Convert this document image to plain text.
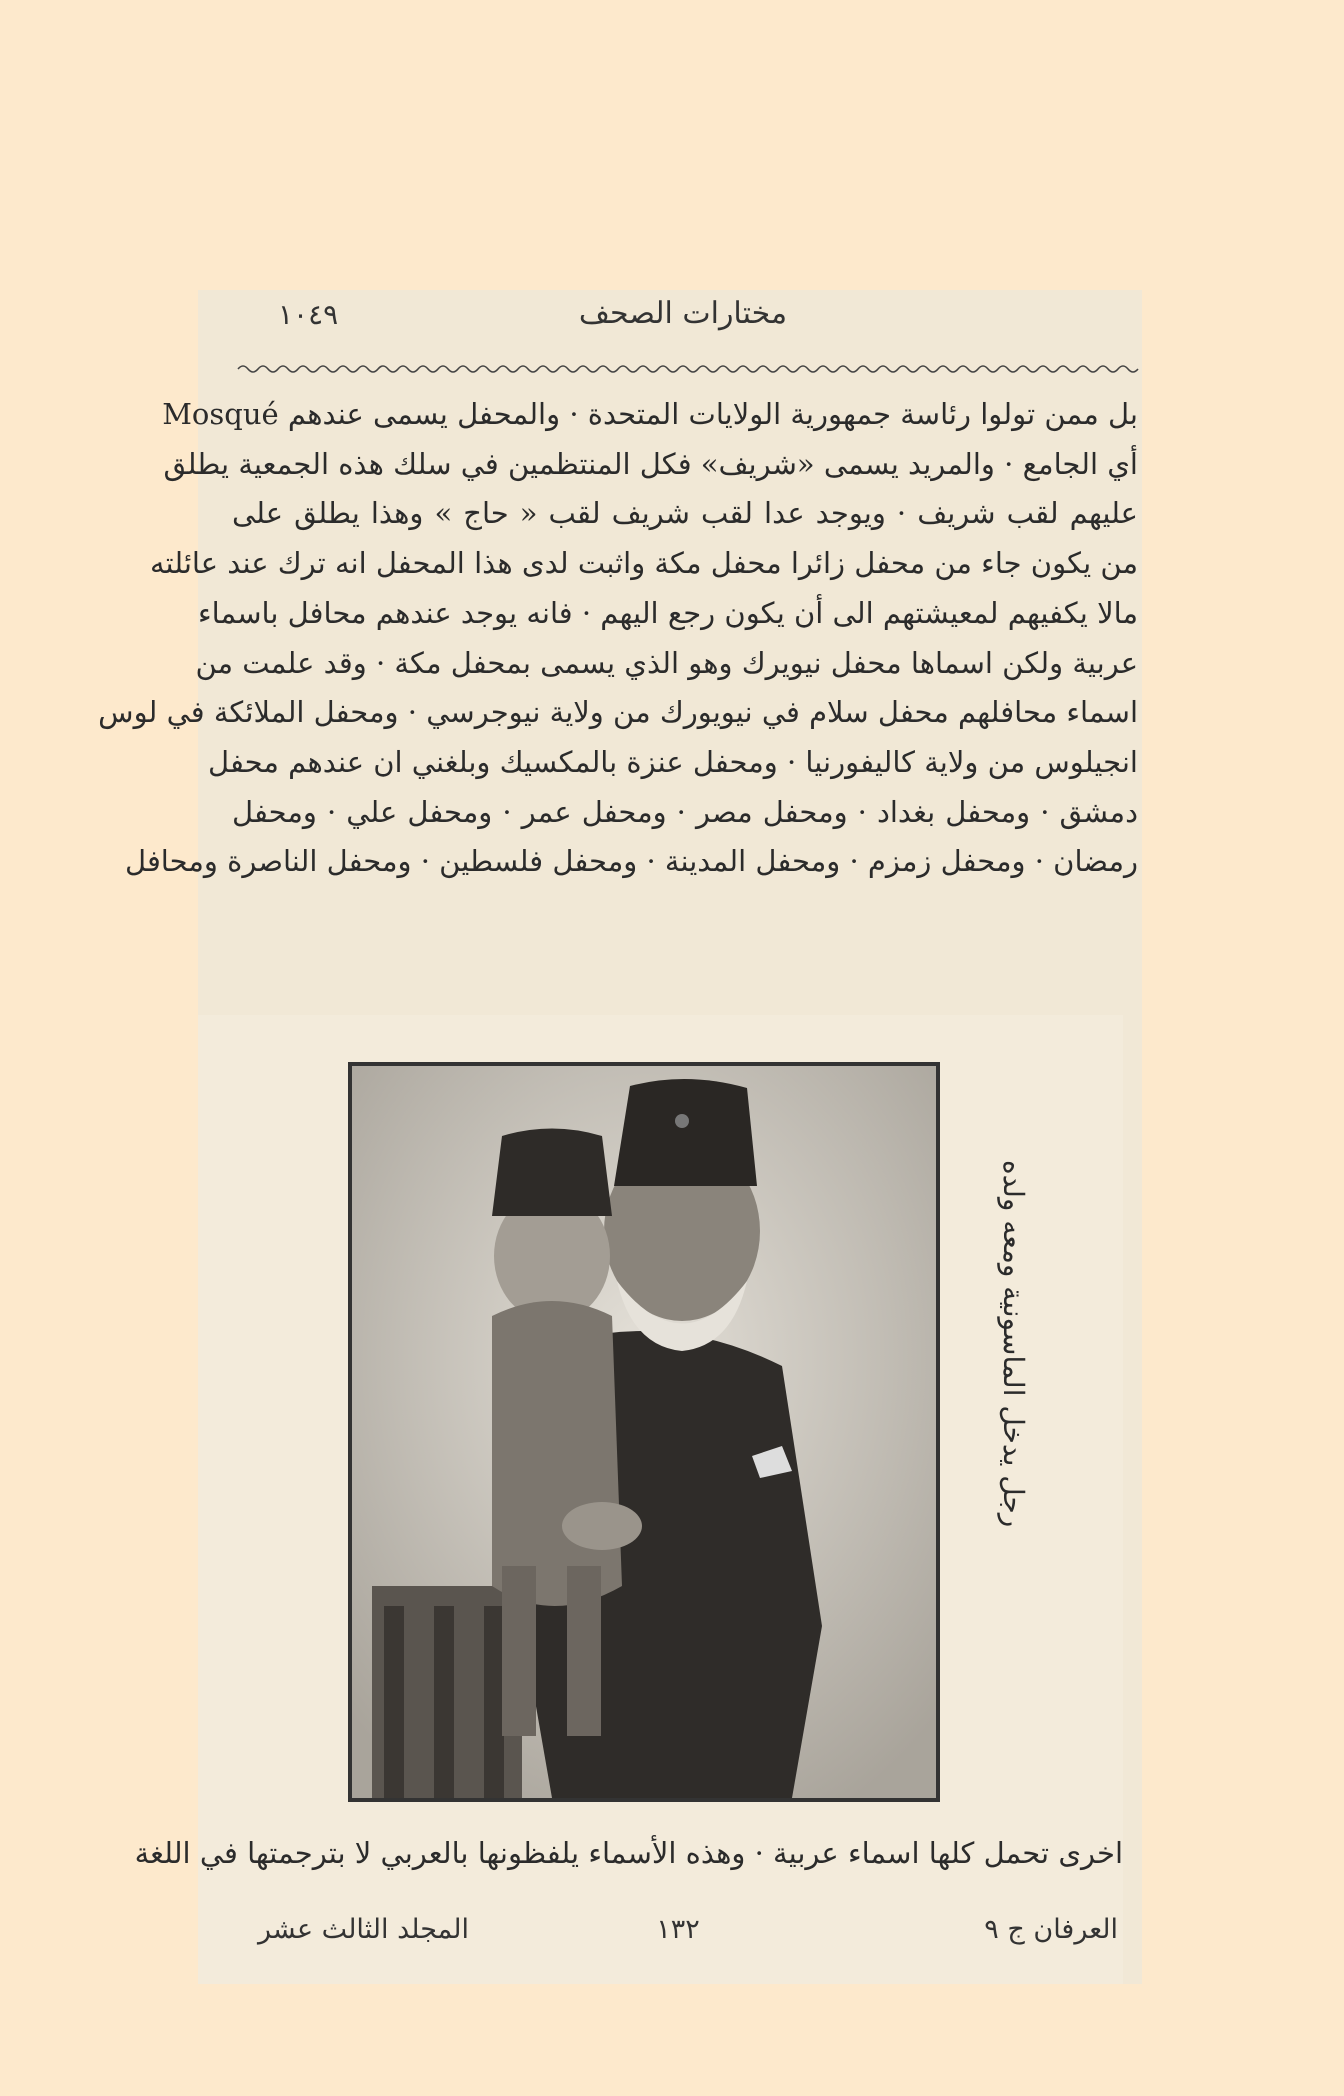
مختارات الصحف
١٠٤٩
بل ممن تولوا رئاسة جمهورية الولايات المتحدة · والمحفل يسمى عندهم Mosqué
أي الجامع · والمريد يسمى «شريف» فكل المنتظمين في سلك هذه الجمعية يطلق
عليهم لقب شريف · ويوجد عدا لقب شريف لقب « حاج » وهذا يطلق على
من يكون جاء من محفل زائرا محفل مكة واثبت لدى هذا المحفل انه ترك عند عائلته
مالا يكفيهم لمعيشتهم الى أن يكون رجع اليهم · فانه يوجد عندهم محافل باسماء
عربية ولكن اسماها محفل نيويرك وهو الذي يسمى بمحفل مكة · وقد علمت من
اسماء محافلهم محفل سلام في نيويورك من ولاية نيوجرسي · ومحفل الملائكة في لوس
انجيلوس من ولاية كاليفورنيا · ومحفل عنزة بالمكسيك وبلغني ان عندهم محفل
دمشق · ومحفل بغداد · ومحفل مصر · ومحفل عمر · ومحفل علي · ومحفل
رمضان · ومحفل زمزم · ومحفل المدينة · ومحفل فلسطين · ومحفل الناصرة ومحافل
رجل يدخل الماسونية ومعه ولده
اخرى تحمل كلها اسماء عربية · وهذه الأسماء يلفظونها بالعربي لا بترجمتها في اللغة
العرفان ج ٩
١٣٢
المجلد الثالث عشر
